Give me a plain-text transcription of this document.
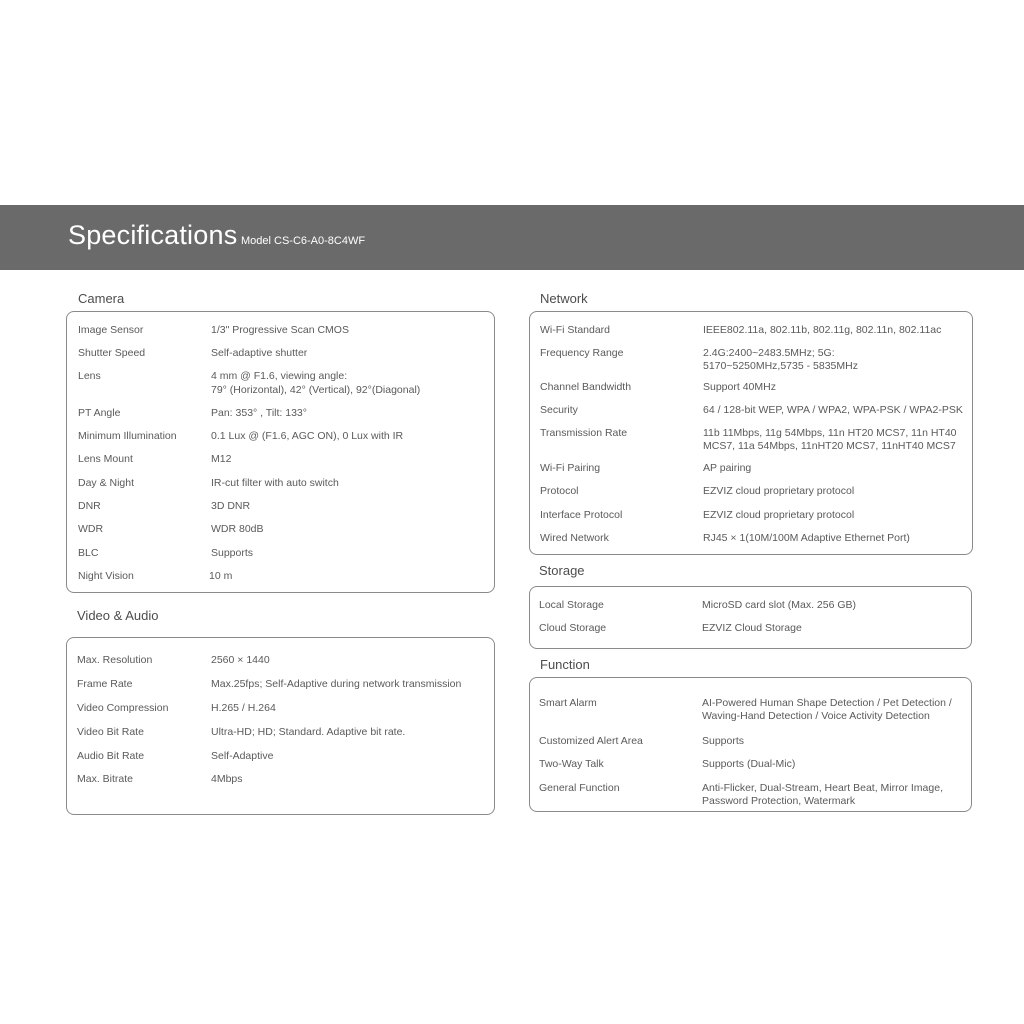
Specifications Model CS-C6-A0-8C4WF
Camera
Image Sensor	1/3" Progressive Scan CMOS
Shutter Speed	Self-adaptive shutter
Lens	4 mm @ F1.6, viewing angle:
79° (Horizontal), 42° (Vertical), 92°(Diagonal)
PT Angle	Pan: 353° , Tilt: 133°
Minimum Illumination	0.1 Lux @ (F1.6, AGC ON), 0 Lux with IR
Lens Mount	M12
Day & Night	IR-cut filter with auto switch
DNR	3D DNR
WDR	WDR 80dB
BLC	Supports
Night Vision	10 m
Video & Audio
Max. Resolution	2560 × 1440
Frame Rate	Max.25fps; Self-Adaptive during network transmission
Video Compression	H.265 / H.264
Video Bit Rate	Ultra-HD; HD; Standard. Adaptive bit rate.
Audio Bit Rate	Self-Adaptive
Max. Bitrate	4Mbps
Network
Wi-Fi Standard	IEEE802.11a, 802.11b, 802.11g, 802.11n, 802.11ac
Frequency Range	2.4G:2400~2483.5MHz; 5G:
5170~5250MHz,5735 - 5835MHz
Channel Bandwidth	Support 40MHz
Security	64 / 128-bit WEP, WPA / WPA2, WPA-PSK / WPA2-PSK
Transmission Rate	11b 11Mbps, 11g 54Mbps, 11n HT20 MCS7, 11n HT40
MCS7, 11a 54Mbps, 11nHT20 MCS7, 11nHT40 MCS7
Wi-Fi Pairing	AP pairing
Protocol	EZVIZ cloud proprietary protocol
Interface Protocol	EZVIZ cloud proprietary protocol
Wired Network	RJ45 × 1(10M/100M Adaptive Ethernet Port)
Storage
Local Storage	MicroSD card slot (Max. 256 GB)
Cloud Storage	EZVIZ Cloud Storage
Function
Smart Alarm	AI-Powered Human Shape Detection / Pet Detection /
Waving-Hand Detection / Voice Activity Detection
Customized Alert Area	Supports
Two-Way Talk	Supports (Dual-Mic)
General Function	Anti-Flicker, Dual-Stream, Heart Beat, Mirror Image,
Password Protection, Watermark
